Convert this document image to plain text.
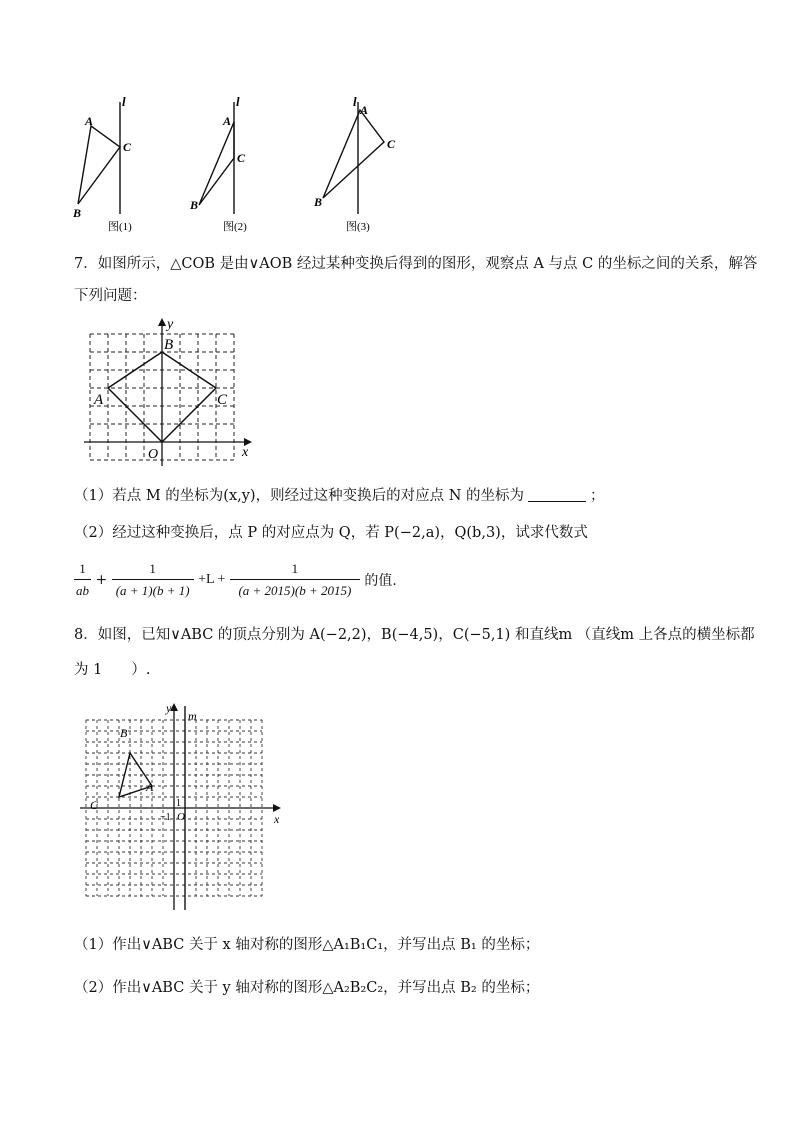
l
A
C
B
图(1)
l
A
C
B
图(2)
l
A
C
B
图(3)
7．如图所示，△COB 是由∨AOB 经过某种变换后得到的图形，观察点 A 与点 C 的坐标之间的关系，解答
下列问题：
y
x
O
B
A	C
（1）若点 M 的坐标为(x,y)，则经过这种变换后的对应点 N 的坐标为	；
（2）经过这种变换后，点 P 的对应点为 Q，若 P(−2,a)，Q(b,3)，试求代数式
$\frac{1}{ab} + \frac{1}{(a + 1)(b + 1)} +L + \frac{1}{(a + 2015)(b + 2015)}$ 的值.
8．如图，已知∨ABC 的顶点分别为 A(−2,2)，B(−4,5)，C(−5,1) 和直线m （直线m 上各点的横坐标都
为 1　　）.
y
m
x
O
1
−1
B
A
C
（1）作出∨ABC 关于 x 轴对称的图形△A₁B₁C₁，并写出点 B₁ 的坐标；
（2）作出∨ABC 关于 y 轴对称的图形△A₂B₂C₂，并写出点 B₂ 的坐标；
